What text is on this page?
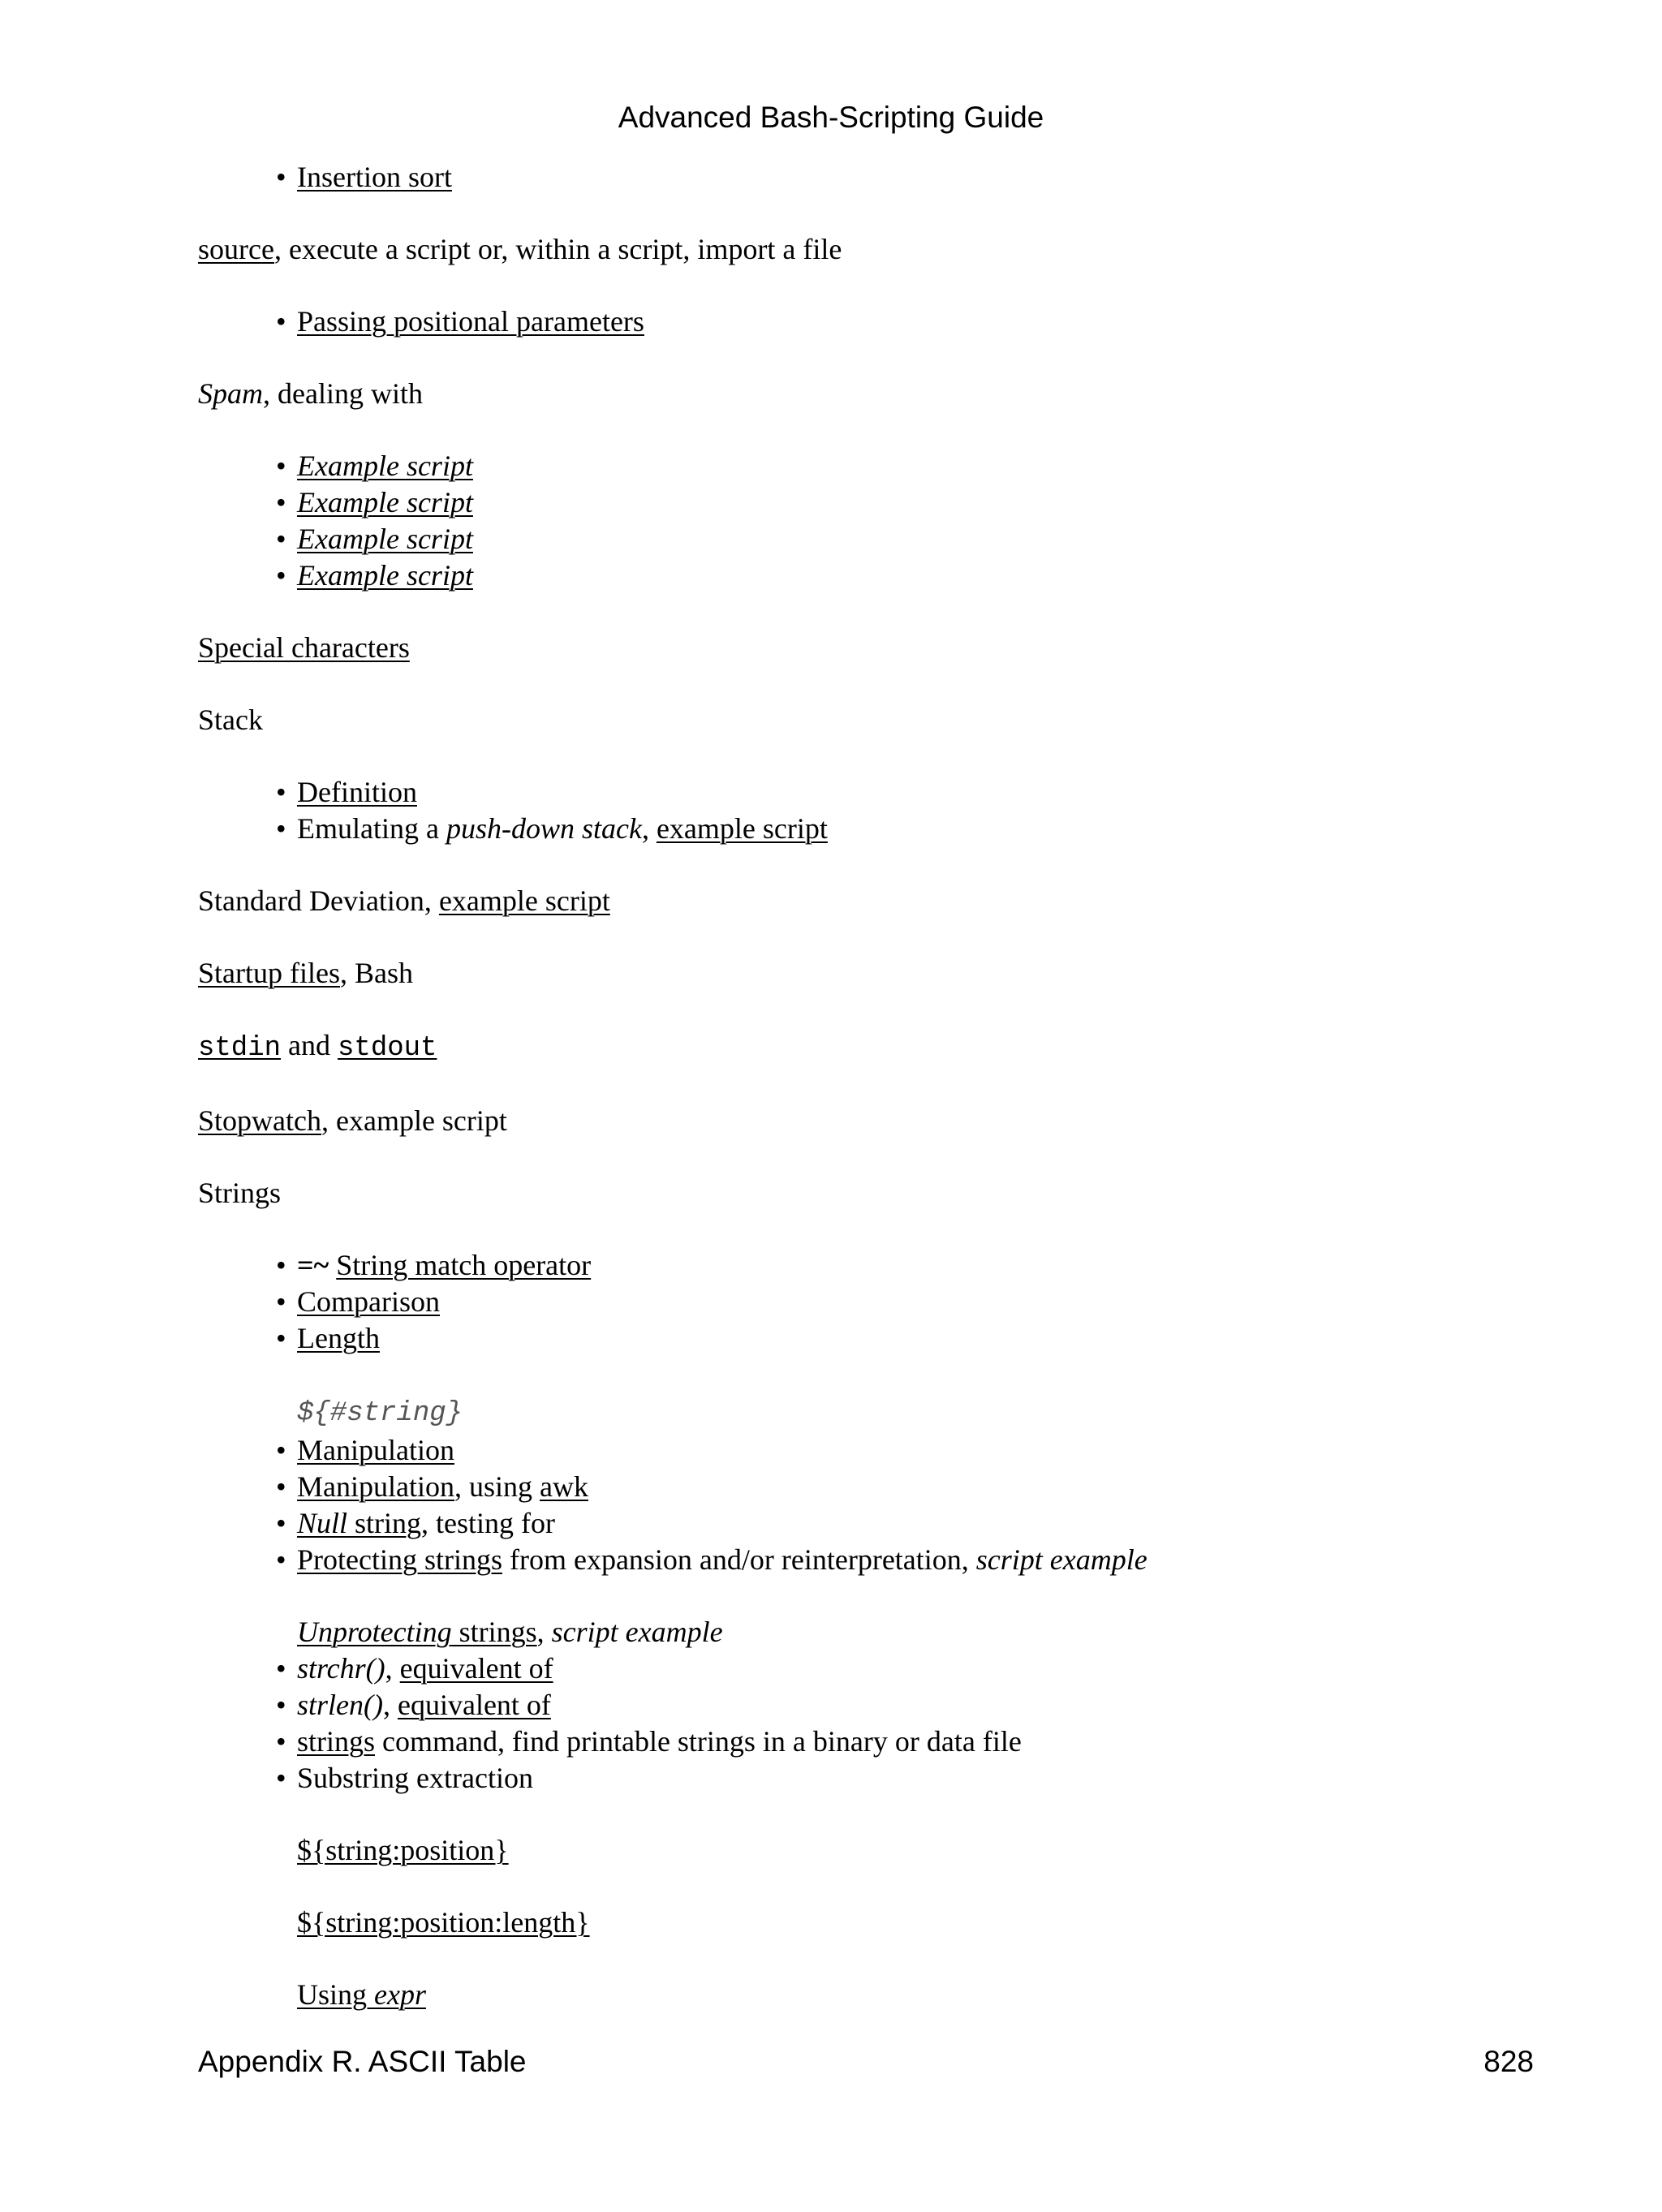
Advanced Bash-Scripting Guide
• Insertion sort

source, execute a script or, within a script, import a file

• Passing positional parameters

Spam, dealing with

• Example script
• Example script
• Example script
• Example script

Special characters

Stack

• Definition
• Emulating a push-down stack, example script

Standard Deviation, example script

Startup files, Bash

stdin and stdout

Stopwatch, example script

Strings

• =~ String match operator
• Comparison
• Length
${#string}
• Manipulation
• Manipulation, using awk
• Null string, testing for
• Protecting strings from expansion and/or reinterpretation, script example
Unprotecting strings, script example
• strchr(), equivalent of
• strlen(), equivalent of
• strings command, find printable strings in a binary or data file
• Substring extraction
${string:position}
${string:position:length}
Using expr
Appendix R. ASCII Table	828
